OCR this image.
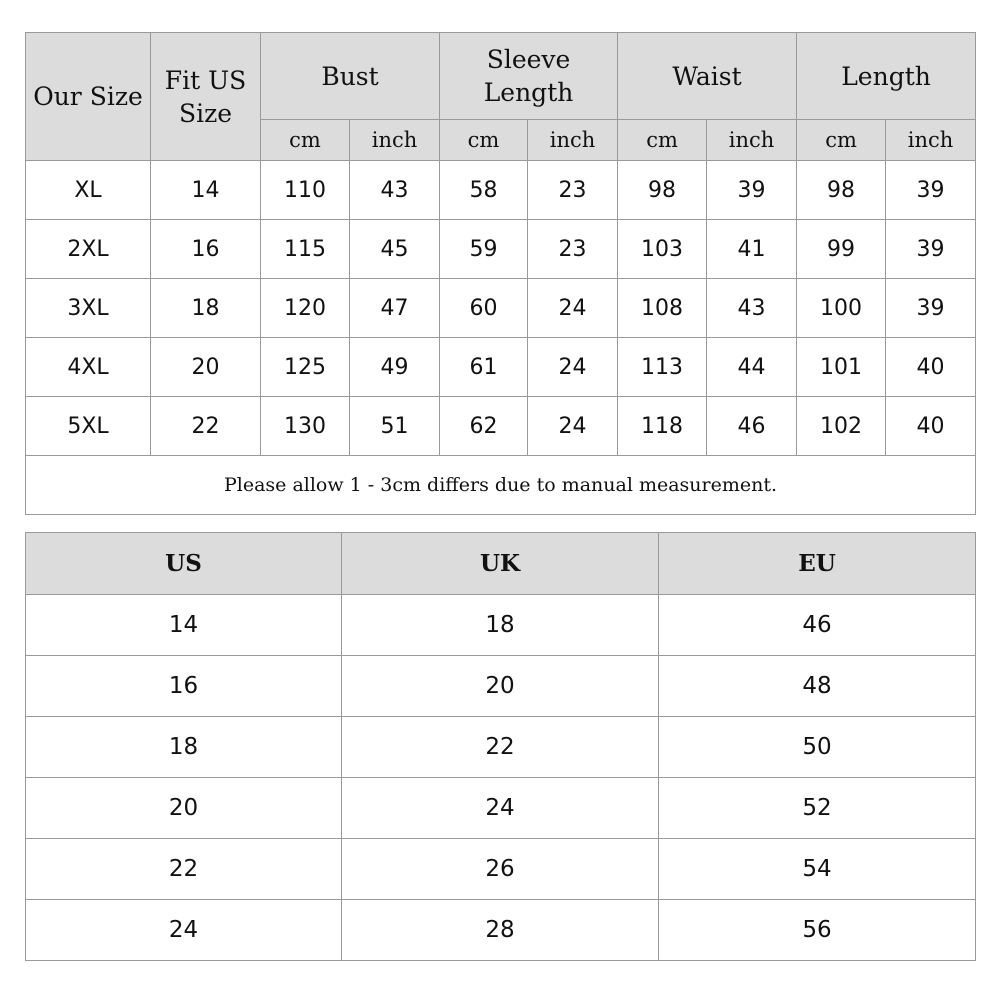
Our Size	Fit US Size	Bust		Sleeve Length		Waist		Length	
		cm	inch	cm	inch	cm	inch	cm	inch
XL	14	110	43	58	23	98	39	98	39
2XL	16	115	45	59	23	103	41	99	39
3XL	18	120	47	60	24	108	43	100	39
4XL	20	125	49	61	24	113	44	101	40
5XL	22	130	51	62	24	118	46	102	40
Please allow 1 - 3cm differs due to manual measurement.									
US	UK	EU
14	18	46
16	20	48
18	22	50
20	24	52
22	26	54
24	28	56
